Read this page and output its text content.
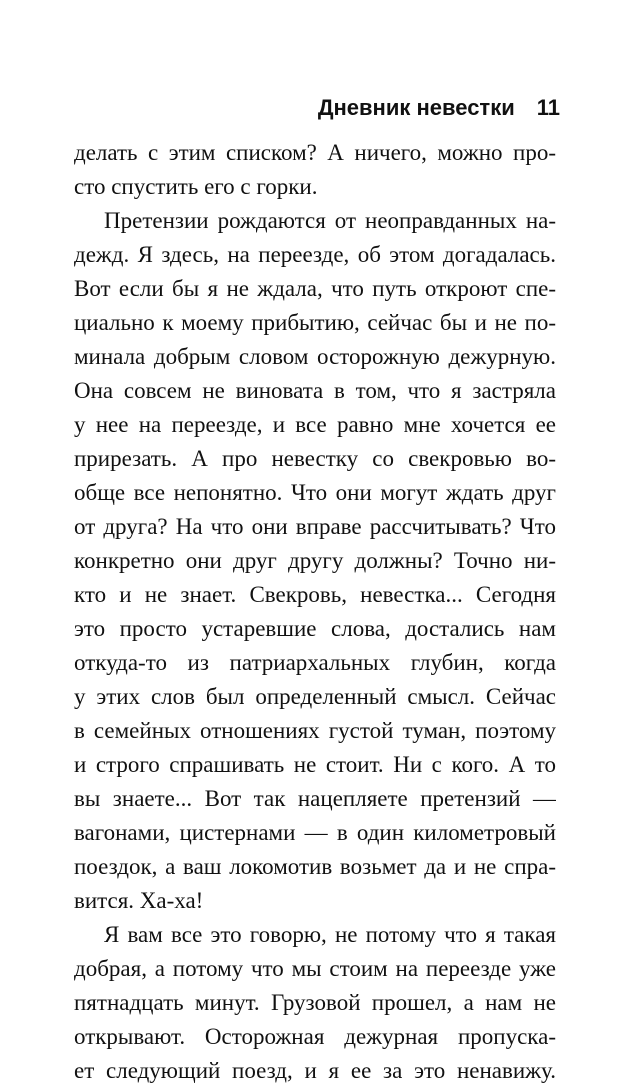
Дневник невестки 11
делать с этим списком? А ничего, можно про-
сто спустить его с горки.
Претензии рождаются от неоправданных на-
дежд. Я здесь, на переезде, об этом догадалась.
Вот если бы я не ждала, что путь откроют спе-
циально к моему прибытию, сейчас бы и не по-
минала добрым словом осторожную дежурную.
Она совсем не виновата в том, что я застряла
у нее на переезде, и все равно мне хочется ее
прирезать. А про невестку со свекровью во-
обще все непонятно. Что они могут ждать друг
от друга? На что они вправе рассчитывать? Что
конкретно они друг другу должны? Точно ни-
кто и не знает. Свекровь, невестка... Сегодня
это просто устаревшие слова, достались нам
откуда-то из патриархальных глубин, когда
у этих слов был определенный смысл. Сейчас
в семейных отношениях густой туман, поэтому
и строго спрашивать не стоит. Ни с кого. А то
вы знаете... Вот так нацепляете претензий —
вагонами, цистернами — в один километровый
поездок, а ваш локомотив возьмет да и не спра-
вится. Ха-ха!
Я вам все это говорю, не потому что я такая
добрая, а потому что мы стоим на переезде уже
пятнадцать минут. Грузовой прошел, а нам не
открывают. Осторожная дежурная пропуска-
ет следующий поезд, и я ее за это ненавижу.
